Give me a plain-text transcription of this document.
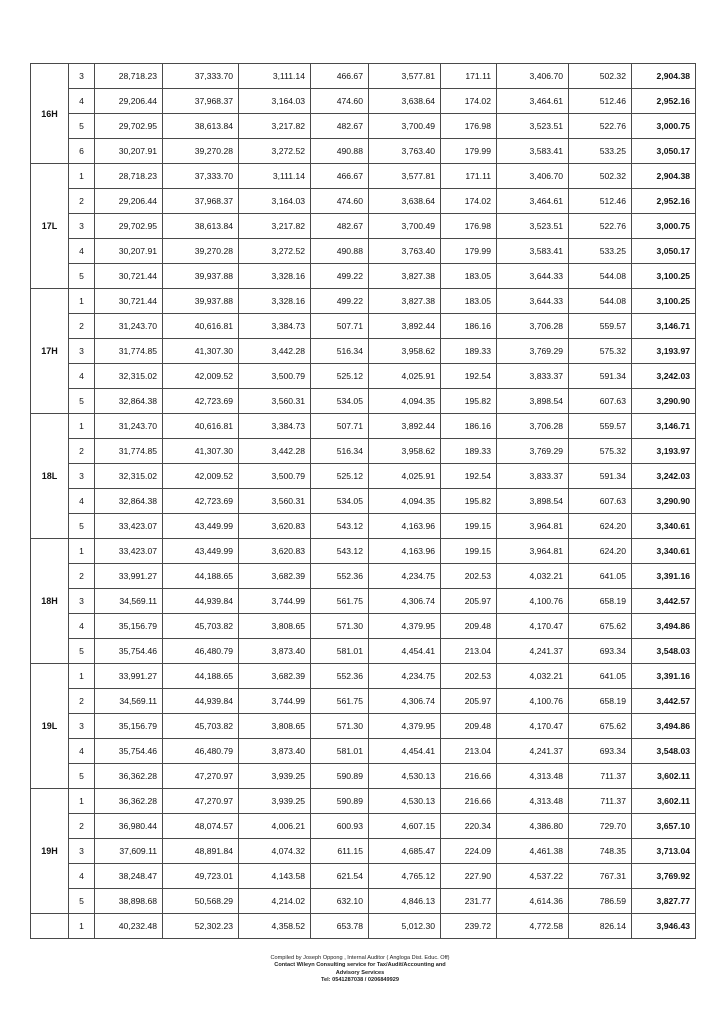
16H	3	28,718.23	37,333.70	3,111.14	466.67	3,577.81	171.11	3,406.70	502.32	2,904.38
	4	29,206.44	37,968.37	3,164.03	474.60	3,638.64	174.02	3,464.61	512.46	2,952.16
	5	29,702.95	38,613.84	3,217.82	482.67	3,700.49	176.98	3,523.51	522.76	3,000.75
	6	30,207.91	39,270.28	3,272.52	490.88	3,763.40	179.99	3,583.41	533.25	3,050.17
17L	1	28,718.23	37,333.70	3,111.14	466.67	3,577.81	171.11	3,406.70	502.32	2,904.38
	2	29,206.44	37,968.37	3,164.03	474.60	3,638.64	174.02	3,464.61	512.46	2,952.16
	3	29,702.95	38,613.84	3,217.82	482.67	3,700.49	176.98	3,523.51	522.76	3,000.75
	4	30,207.91	39,270.28	3,272.52	490.88	3,763.40	179.99	3,583.41	533.25	3,050.17
	5	30,721.44	39,937.88	3,328.16	499.22	3,827.38	183.05	3,644.33	544.08	3,100.25
17H	1	30,721.44	39,937.88	3,328.16	499.22	3,827.38	183.05	3,644.33	544.08	3,100.25
	2	31,243.70	40,616.81	3,384.73	507.71	3,892.44	186.16	3,706.28	559.57	3,146.71
	3	31,774.85	41,307.30	3,442.28	516.34	3,958.62	189.33	3,769.29	575.32	3,193.97
	4	32,315.02	42,009.52	3,500.79	525.12	4,025.91	192.54	3,833.37	591.34	3,242.03
	5	32,864.38	42,723.69	3,560.31	534.05	4,094.35	195.82	3,898.54	607.63	3,290.90
18L	1	31,243.70	40,616.81	3,384.73	507.71	3,892.44	186.16	3,706.28	559.57	3,146.71
	2	31,774.85	41,307.30	3,442.28	516.34	3,958.62	189.33	3,769.29	575.32	3,193.97
	3	32,315.02	42,009.52	3,500.79	525.12	4,025.91	192.54	3,833.37	591.34	3,242.03
	4	32,864.38	42,723.69	3,560.31	534.05	4,094.35	195.82	3,898.54	607.63	3,290.90
	5	33,423.07	43,449.99	3,620.83	543.12	4,163.96	199.15	3,964.81	624.20	3,340.61
18H	1	33,423.07	43,449.99	3,620.83	543.12	4,163.96	199.15	3,964.81	624.20	3,340.61
	2	33,991.27	44,188.65	3,682.39	552.36	4,234.75	202.53	4,032.21	641.05	3,391.16
	3	34,569.11	44,939.84	3,744.99	561.75	4,306.74	205.97	4,100.76	658.19	3,442.57
	4	35,156.79	45,703.82	3,808.65	571.30	4,379.95	209.48	4,170.47	675.62	3,494.86
	5	35,754.46	46,480.79	3,873.40	581.01	4,454.41	213.04	4,241.37	693.34	3,548.03
19L	1	33,991.27	44,188.65	3,682.39	552.36	4,234.75	202.53	4,032.21	641.05	3,391.16
	2	34,569.11	44,939.84	3,744.99	561.75	4,306.74	205.97	4,100.76	658.19	3,442.57
	3	35,156.79	45,703.82	3,808.65	571.30	4,379.95	209.48	4,170.47	675.62	3,494.86
	4	35,754.46	46,480.79	3,873.40	581.01	4,454.41	213.04	4,241.37	693.34	3,548.03
	5	36,362.28	47,270.97	3,939.25	590.89	4,530.13	216.66	4,313.48	711.37	3,602.11
19H	1	36,362.28	47,270.97	3,939.25	590.89	4,530.13	216.66	4,313.48	711.37	3,602.11
	2	36,980.44	48,074.57	4,006.21	600.93	4,607.15	220.34	4,386.80	729.70	3,657.10
	3	37,609.11	48,891.84	4,074.32	611.15	4,685.47	224.09	4,461.38	748.35	3,713.04
	4	38,248.47	49,723.01	4,143.58	621.54	4,765.12	227.90	4,537.22	767.31	3,769.92
	5	38,898.68	50,568.29	4,214.02	632.10	4,846.13	231.77	4,614.36	786.59	3,827.77
	1	40,232.48	52,302.23	4,358.52	653.78	5,012.30	239.72	4,772.58	826.14	3,946.43
Compiled by Joseph Oppong , Internal Auditor ( Angloga Dist. Educ. Off)
Contact Wileyn Consulting service for Tax/Audit/Accounting and
Advisory Services
Tel: 0541287038 / 0206849929
